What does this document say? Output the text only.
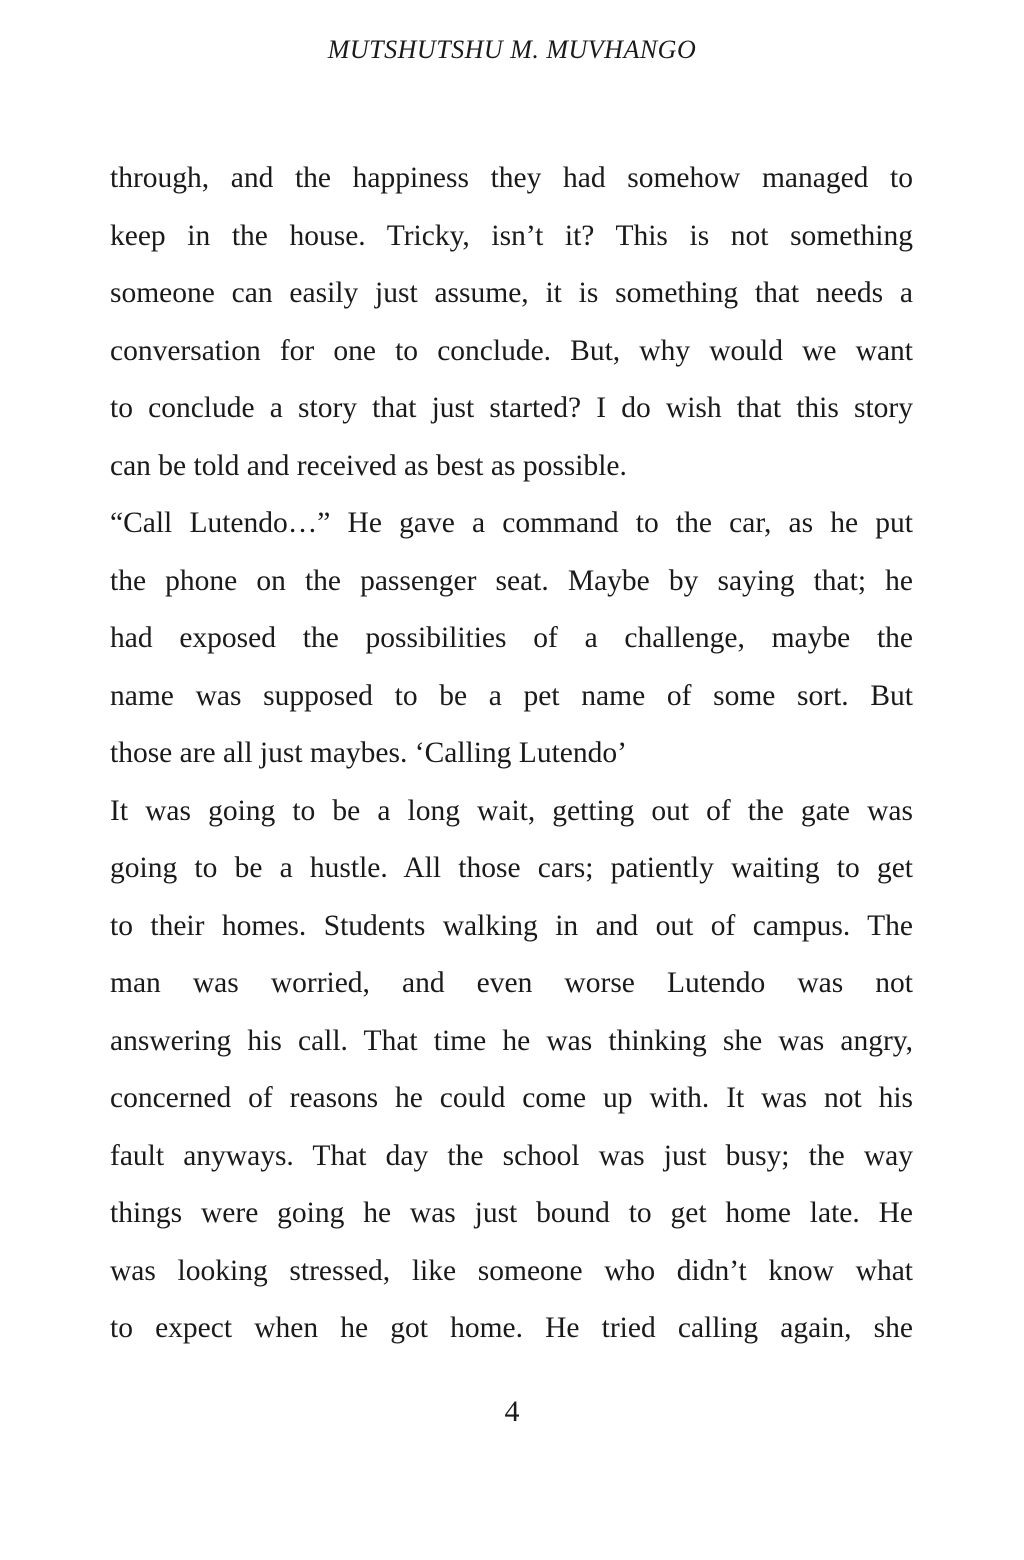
MUTSHUTSHU M. MUVHANGO
through, and the happiness they had somehow managed to
keep in the house. Tricky, isn’t it? This is not something
someone can easily just assume, it is something that needs a
conversation for one to conclude. But, why would we want
to conclude a story that just started? I do wish that this story
can be told and received as best as possible.
“Call Lutendo…” He gave a command to the car, as he put
the phone on the passenger seat. Maybe by saying that; he
had exposed the possibilities of a challenge, maybe the
name was supposed to be a pet name of some sort. But
those are all just maybes. ‘Calling Lutendo’
It was going to be a long wait, getting out of the gate was
going to be a hustle. All those cars; patiently waiting to get
to their homes. Students walking in and out of campus. The
man was worried, and even worse Lutendo was not
answering his call. That time he was thinking she was angry,
concerned of reasons he could come up with. It was not his
fault anyways. That day the school was just busy; the way
things were going he was just bound to get home late. He
was looking stressed, like someone who didn’t know what
to expect when he got home. He tried calling again, she
4
